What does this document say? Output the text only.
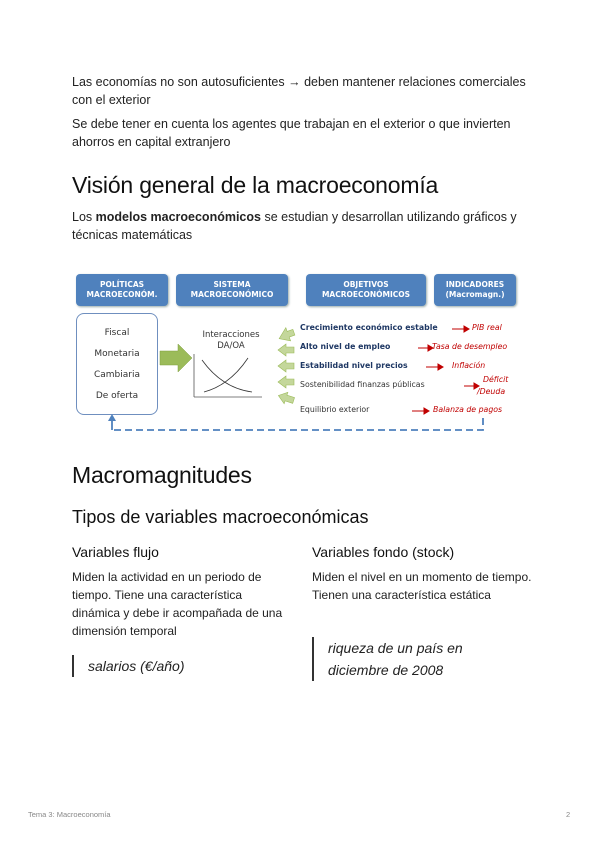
Las economías no son autosuficientes → deben mantener relaciones comerciales con el exterior
Se debe tener en cuenta los agentes que trabajan en el exterior o que invierten ahorros en capital extranjero
Visión general de la macroeconomía
Los modelos macroeconómicos se estudian y desarrollan utilizando gráficos y técnicas matemáticas
POLÍTICAS
MACROECONÓM.
SISTEMA
MACROECONÓMICO
OBJETIVOS
MACROECONÓMICOS
INDICADORES
(Macromagn.)
Fiscal
Monetaria
Cambiaria
De oferta
Interacciones
DA/OA
Crecimiento económico estable
Alto nivel de empleo
Estabilidad nivel precios
Sostenibilidad finanzas públicas
Equilibrio exterior
PIB real
Tasa de desempleo
Inflación
Déficit
/Deuda
Balanza de pagos
Macromagnitudes
Tipos de variables macroeconómicas
Variables flujo
Miden la actividad en un periodo de tiempo. Tiene una característica dinámica y debe ir acompañada de una dimensión temporal
salarios (€/año)
Variables fondo (stock)
Miden el nivel en un momento de tiempo. Tienen una característica estática
riqueza de un país en diciembre de 2008
Tema 3: Macroeconomía	2
